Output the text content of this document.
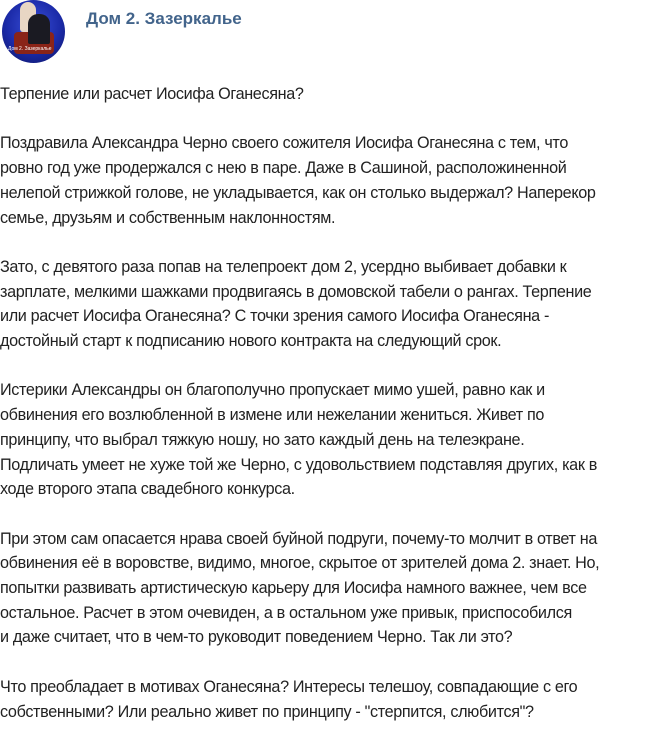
Дом 2. Зазеркалье
Дом 2. Зазеркалье
Терпение или расчет Иосифа Оганесяна?
Поздравила Александра Черно своего сожителя Иосифа Оганесяна с тем, что
ровно год уже продержался с нею в паре. Даже в Сашиной, расположиненной
нелепой стрижкой голове, не укладывается, как он столько выдержал? Наперекор
семье, друзьям и собственным наклонностям.
Зато, с девятого раза попав на телепроект дом 2, усердно выбивает добавки к
зарплате, мелкими шажками продвигаясь в домовской табели о рангах. Терпение
или расчет Иосифа Оганесяна? С точки зрения самого Иосифа Оганесяна -
достойный старт к подписанию нового контракта на следующий срок.
Истерики Александры он благополучно пропускает мимо ушей, равно как и
обвинения его возлюбленной в измене или нежелании жениться. Живет по
принципу, что выбрал тяжкую ношу, но зато каждый день на телеэкране.
Подличать умеет не хуже той же Черно, с удовольствием подставляя других, как в
ходе второго этапа свадебного конкурса.
При этом сам опасается нрава своей буйной подруги, почему-то молчит в ответ на
обвинения её в воровстве, видимо, многое, скрытое от зрителей дома 2. знает. Но,
попытки развивать артистическую карьеру для Иосифа намного важнее, чем все
остальное. Расчет в этом очевиден, а в остальном уже привык, приспособился
и даже считает, что в чем-то руководит поведением Черно. Так ли это?
Что преобладает в мотивах Оганесяна? Интересы телешоу, совпадающие с его
собственными? Или реально живет по принципу - "стерпится, слюбится"?
